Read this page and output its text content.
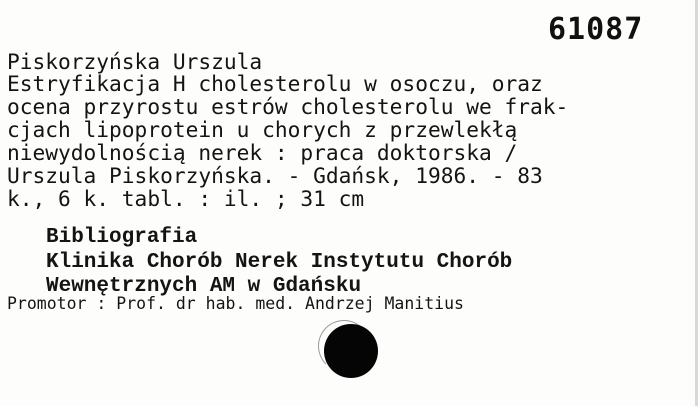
61087
Piskorzyńska Urszula
Estryfikacja H cholesterolu w osoczu, oraz
ocena przyrostu estrów cholesterolu we frak-
cjach lipoprotein u chorych z przewlekłą
niewydolnością nerek : praca doktorska /
Urszula Piskorzyńska. - Gdańsk, 1986. - 83
k., 6 k. tabl. : il. ; 31 cm
Bibliografia
Klinika Chorób Nerek Instytutu Chorób
Wewnętrznych AM w Gdańsku
Promotor : Prof. dr hab. med. Andrzej Manitius
